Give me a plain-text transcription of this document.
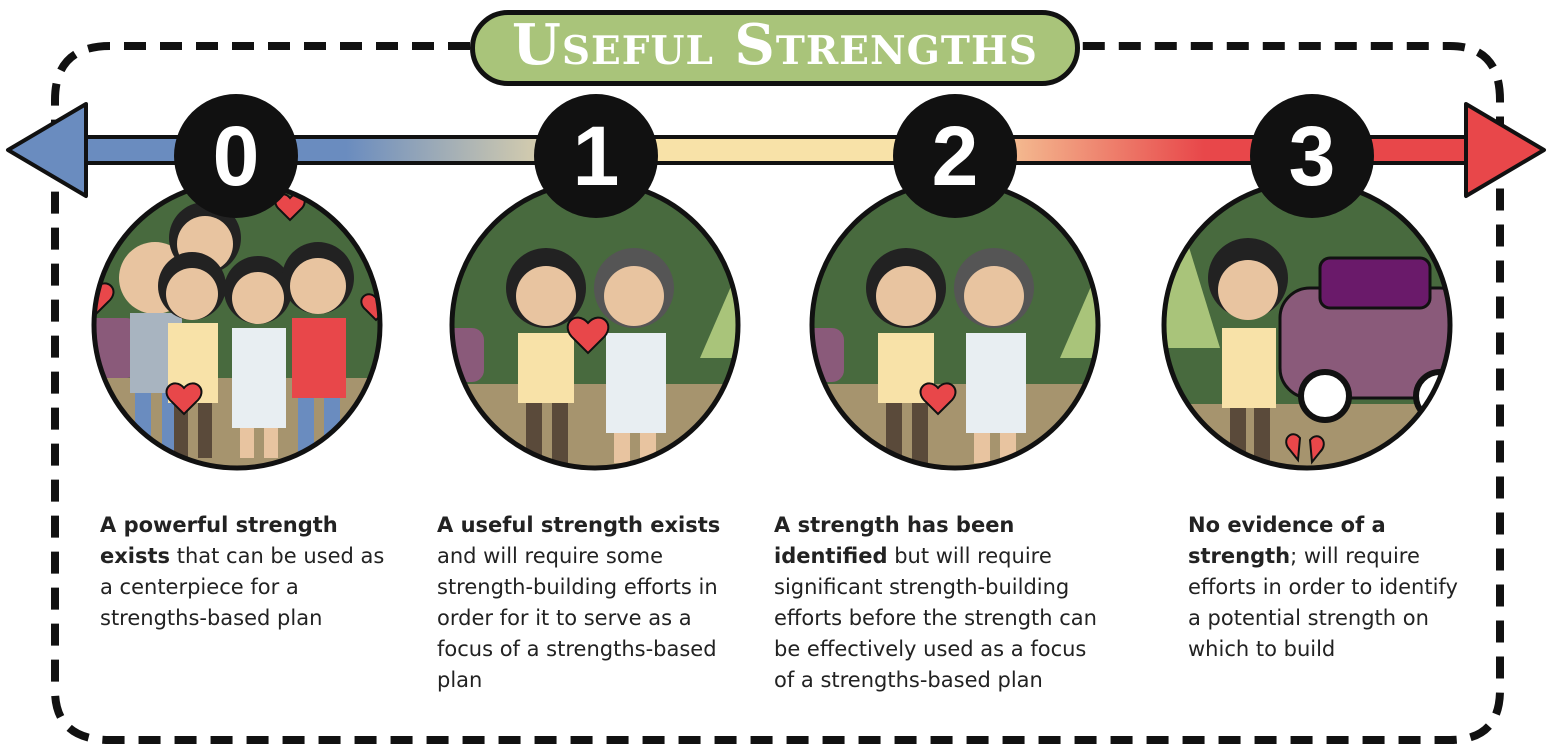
Useful Strengths
0	1	2	3
A powerful strength exists that can be used as a centerpiece for a strengths-based plan
A useful strength exists and will require some strength-building efforts in order for it to serve as a focus of a strengths-based plan
A strength has been identified but will require significant strength-building efforts before the strength can be effectively used as a focus of a strengths-based plan
No evidence of a strength; will require efforts in order to identify a potential strength on which to build
